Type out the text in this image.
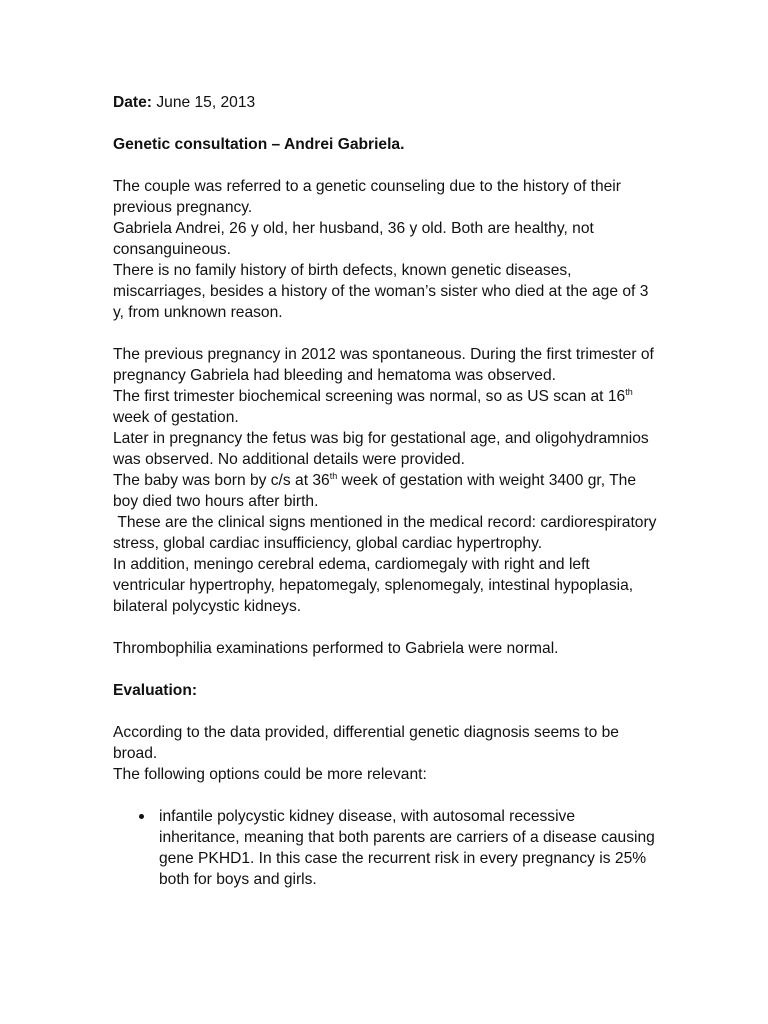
Date: June 15, 2013

Genetic consultation – Andrei Gabriela.

The couple was referred to a genetic counseling due to the history of their previous pregnancy.

Gabriela Andrei, 26 y old, her husband, 36 y old. Both are healthy, not consanguineous.

There is no family history of birth defects, known genetic diseases, miscarriages, besides a history of the woman’s sister who died at the age of 3 y, from unknown reason.

The previous pregnancy in 2012 was spontaneous. During the first trimester of pregnancy Gabriela had bleeding and hematoma was observed.

The first trimester biochemical screening was normal, so as US scan at 16th week of gestation.

Later in pregnancy the fetus was big for gestational age, and oligohydramnios was observed. No additional details were provided.

The baby was born by c/s at 36th week of gestation with weight 3400 gr, The boy died two hours after birth.

These are the clinical signs mentioned in the medical record: cardiorespiratory stress, global cardiac insufficiency, global cardiac hypertrophy.

In addition, meningo cerebral edema, cardiomegaly with right and left ventricular hypertrophy, hepatomegaly, splenomegaly, intestinal hypoplasia, bilateral polycystic kidneys.

Thrombophilia examinations performed to Gabriela were normal.

Evaluation:

According to the data provided, differential genetic diagnosis seems to be broad.

The following options could be more relevant:

infantile polycystic kidney disease, with autosomal recessive inheritance, meaning that both parents are carriers of a disease causing gene PKHD1. In this case the recurrent risk in every pregnancy is 25% both for boys and girls.
